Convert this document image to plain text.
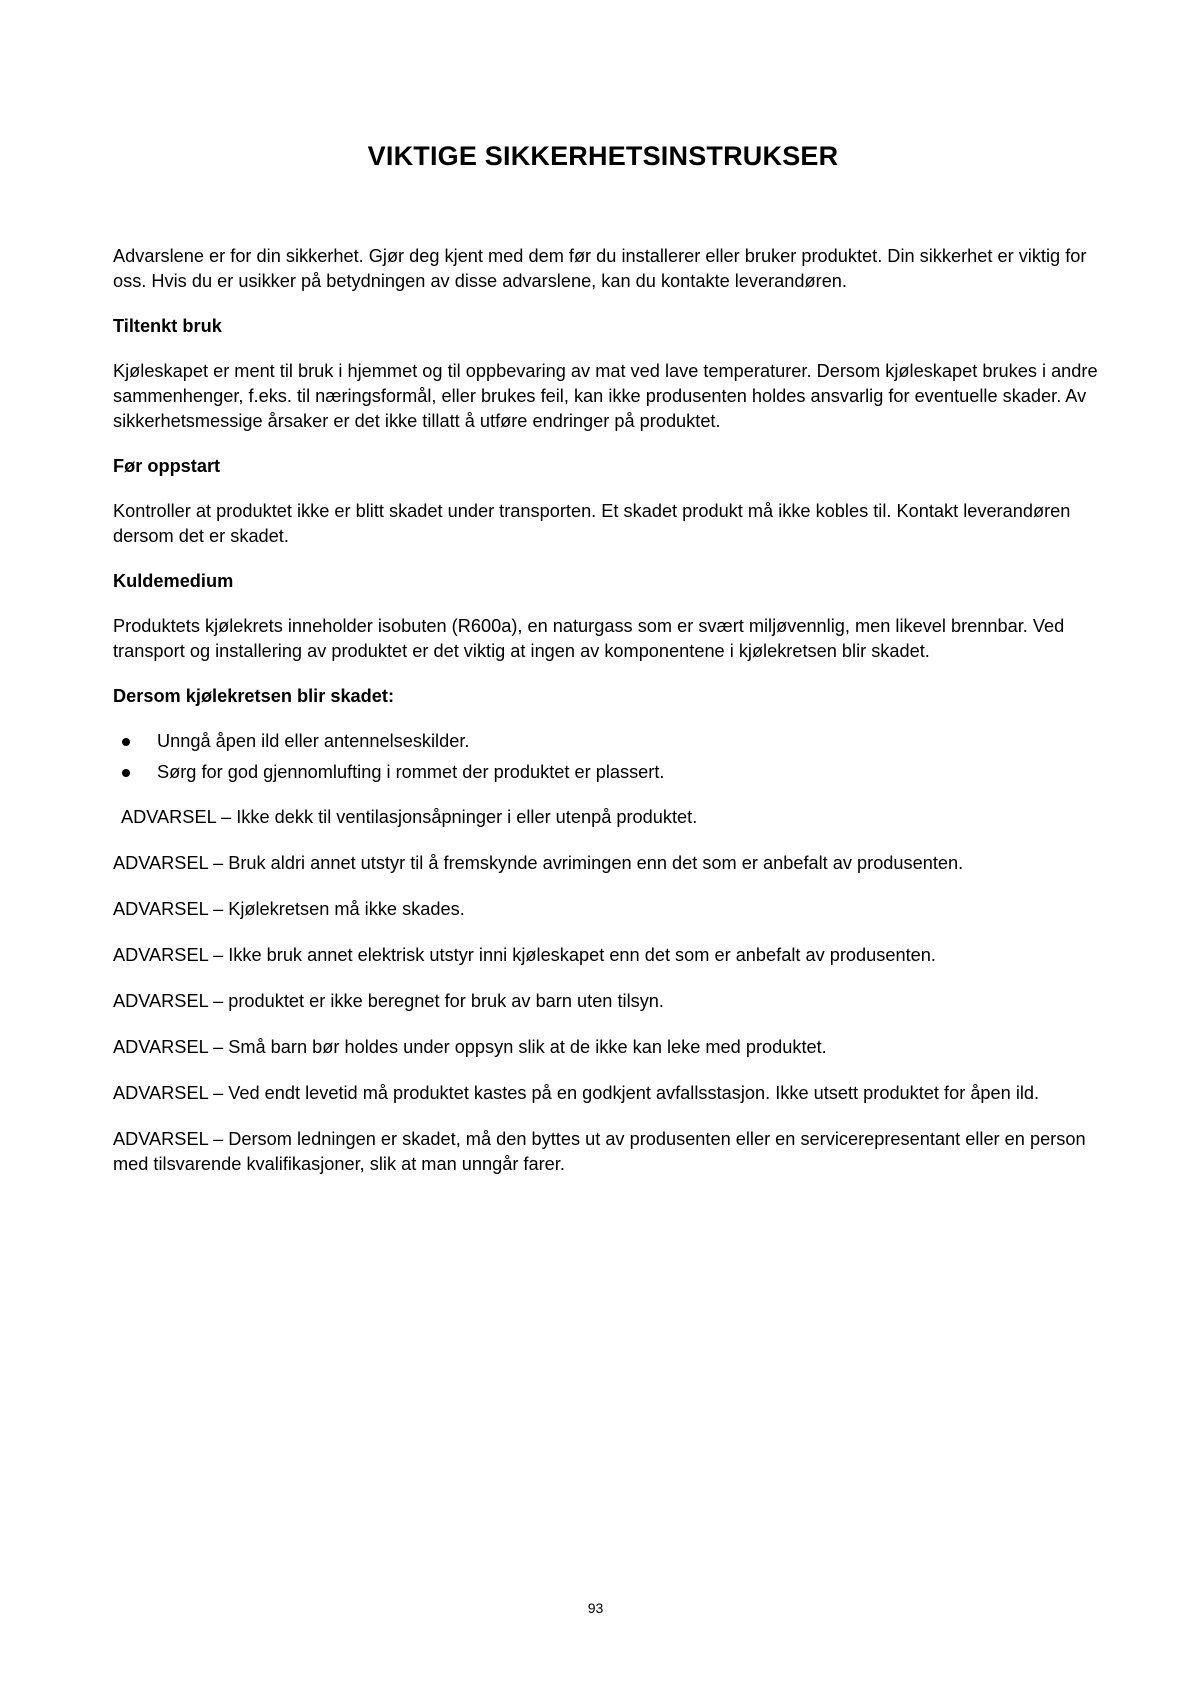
VIKTIGE SIKKERHETSINSTRUKSER

Advarslene er for din sikkerhet. Gjør deg kjent med dem før du installerer eller bruker produktet. Din sikkerhet er viktig for oss. Hvis du er usikker på betydningen av disse advarslene, kan du kontakte leverandøren.

Tiltenkt bruk

Kjøleskapet er ment til bruk i hjemmet og til oppbevaring av mat ved lave temperaturer. Dersom kjøleskapet brukes i andre sammenhenger, f.eks. til næringsformål, eller brukes feil, kan ikke produsenten holdes ansvarlig for eventuelle skader. Av sikkerhetsmessige årsaker er det ikke tillatt å utføre endringer på produktet.

Før oppstart

Kontroller at produktet ikke er blitt skadet under transporten. Et skadet produkt må ikke kobles til. Kontakt leverandøren dersom det er skadet.

Kuldemedium

Produktets kjølekrets inneholder isobuten (R600a), en naturgass som er svært miljøvennlig, men likevel brennbar. Ved transport og installering av produktet er det viktig at ingen av komponentene i kjølekretsen blir skadet.

Dersom kjølekretsen blir skadet:

Unngå åpen ild eller antennelseskilder.
Sørg for god gjennomlufting i rommet der produktet er plassert.

ADVARSEL – Ikke dekk til ventilasjonsåpninger i eller utenpå produktet.

ADVARSEL – Bruk aldri annet utstyr til å fremskynde avrimingen enn det som er anbefalt av produsenten.

ADVARSEL – Kjølekretsen må ikke skades.

ADVARSEL – Ikke bruk annet elektrisk utstyr inni kjøleskapet enn det som er anbefalt av produsenten.

ADVARSEL – produktet er ikke beregnet for bruk av barn uten tilsyn.

ADVARSEL – Små barn bør holdes under oppsyn slik at de ikke kan leke med produktet.

ADVARSEL – Ved endt levetid må produktet kastes på en godkjent avfallsstasjon. Ikke utsett produktet for åpen ild.

ADVARSEL – Dersom ledningen er skadet, må den byttes ut av produsenten eller en servicerepresentant eller en person med tilsvarende kvalifikasjoner, slik at man unngår farer.

93
